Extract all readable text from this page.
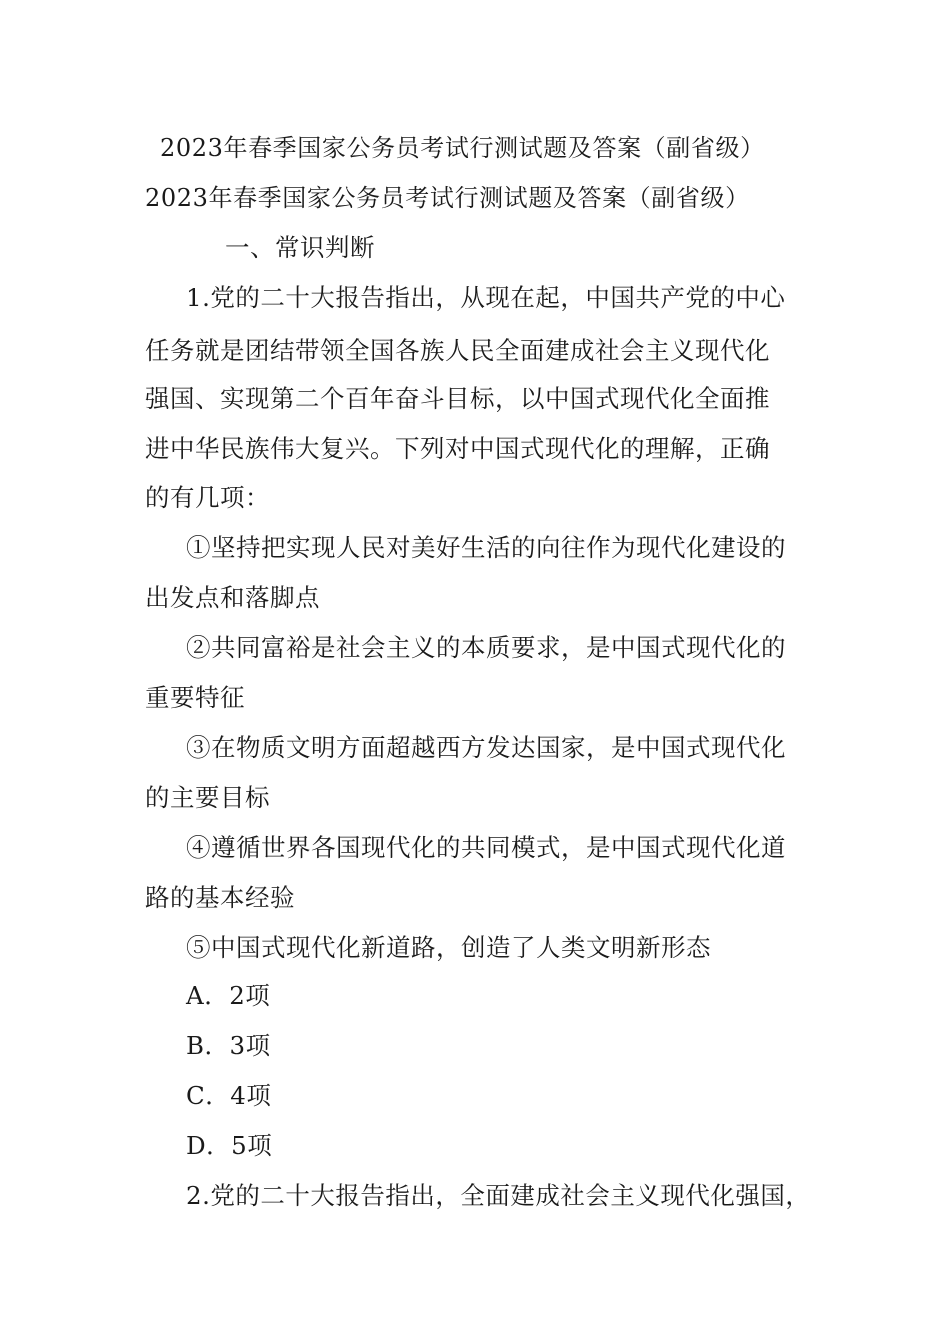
2023年春季国家公务员考试行测试题及答案（副省级）
2023年春季国家公务员考试行测试题及答案（副省级）
一、常识判断
1.党的二十大报告指出，从现在起，中国共产党的中心
任务就是团结带领全国各族人民全面建成社会主义现代化
强国、实现第二个百年奋斗目标，以中国式现代化全面推
进中华民族伟大复兴。下列对中国式现代化的理解，正确
的有几项：
①坚持把实现人民对美好生活的向往作为现代化建设的
出发点和落脚点
②共同富裕是社会主义的本质要求，是中国式现代化的
重要特征
③在物质文明方面超越西方发达国家，是中国式现代化
的主要目标
④遵循世界各国现代化的共同模式，是中国式现代化道
路的基本经验
⑤中国式现代化新道路，创造了人类文明新形态
A．2项
B．3项
C．4项
D．5项
2.党的二十大报告指出，全面建成社会主义现代化强国，
